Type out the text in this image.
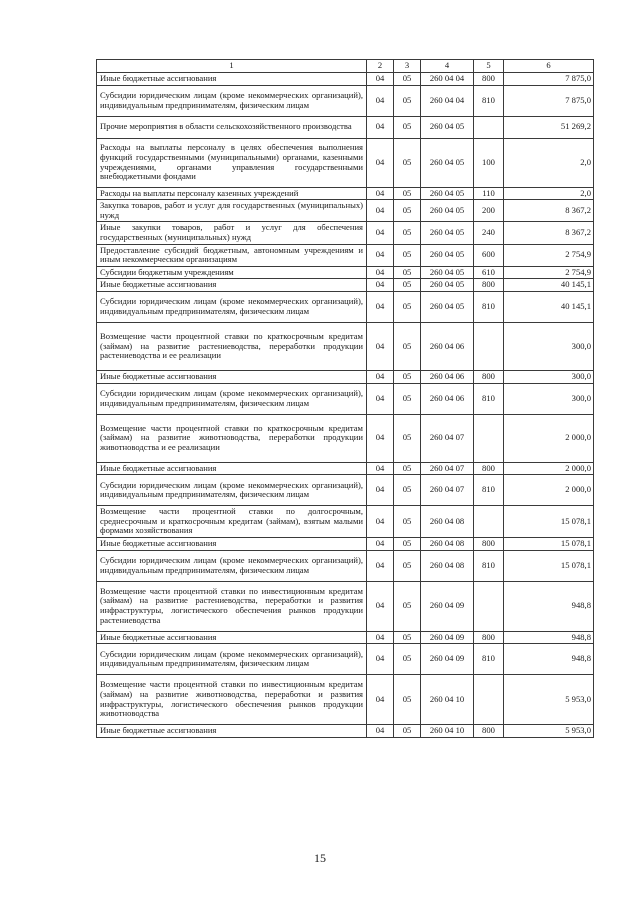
1	2	3	4	5	6
Иные бюджетные ассигнования	04	05	260 04 04	800	7 875,0
Субсидии юридическим лицам (кроме некоммерческих организаций), индивидуальным предпринимателям, физическим лицам	04	05	260 04 04	810	7 875,0
Прочие мероприятия в области сельскохозяйственного производства	04	05	260 04 05		51 269,2
Расходы на выплаты персоналу в целях обеспечения выполнения функций государственными (муниципальными) органами, казенными учреждениями, органами управления государственными внебюджетными фондами	04	05	260 04 05	100	2,0
Расходы на выплаты персоналу казенных учреждений	04	05	260 04 05	110	2,0
Закупка товаров, работ и услуг для государственных (муниципальных) нужд	04	05	260 04 05	200	8 367,2
Иные закупки товаров, работ и услуг для обеспечения государственных (муниципальных) нужд	04	05	260 04 05	240	8 367,2
Предоставление субсидий бюджетным, автономным учреждениям и иным некоммерческим организациям	04	05	260 04 05	600	2 754,9
Субсидии бюджетным учреждениям	04	05	260 04 05	610	2 754,9
Иные бюджетные ассигнования	04	05	260 04 05	800	40 145,1
Субсидии юридическим лицам (кроме некоммерческих организаций), индивидуальным предпринимателям, физическим лицам	04	05	260 04 05	810	40 145,1
Возмещение части процентной ставки по краткосрочным кредитам (займам) на развитие растениеводства, переработки продукции растениеводства и ее реализации	04	05	260 04 06		300,0
Иные бюджетные ассигнования	04	05	260 04 06	800	300,0
Субсидии юридическим лицам (кроме некоммерческих организаций), индивидуальным предпринимателям, физическим лицам	04	05	260 04 06	810	300,0
Возмещение части процентной ставки по краткосрочным кредитам (займам) на развитие животноводства, переработки продукции животноводства и ее реализации	04	05	260 04 07		2 000,0
Иные бюджетные ассигнования	04	05	260 04 07	800	2 000,0
Субсидии юридическим лицам (кроме некоммерческих организаций), индивидуальным предпринимателям, физическим лицам	04	05	260 04 07	810	2 000,0
Возмещение части процентной ставки по долгосрочным, среднесрочным и краткосрочным кредитам (займам), взятым малыми формами хозяйствования	04	05	260 04 08		15 078,1
Иные бюджетные ассигнования	04	05	260 04 08	800	15 078,1
Субсидии юридическим лицам (кроме некоммерческих организаций), индивидуальным предпринимателям, физическим лицам	04	05	260 04 08	810	15 078,1
Возмещение части процентной ставки по инвестиционным кредитам (займам) на развитие растениеводства, переработки и развития инфраструктуры, логистического обеспечения рынков продукции растениеводства	04	05	260 04 09		948,8
Иные бюджетные ассигнования	04	05	260 04 09	800	948,8
Субсидии юридическим лицам (кроме некоммерческих организаций), индивидуальным предпринимателям, физическим лицам	04	05	260 04 09	810	948,8
Возмещение части процентной ставки по инвестиционным кредитам (займам) на развитие животноводства, переработки и развития инфраструктуры, логистического обеспечения рынков продукции животноводства	04	05	260 04 10		5 953,0
Иные бюджетные ассигнования	04	05	260 04 10	800	5 953,0
15
